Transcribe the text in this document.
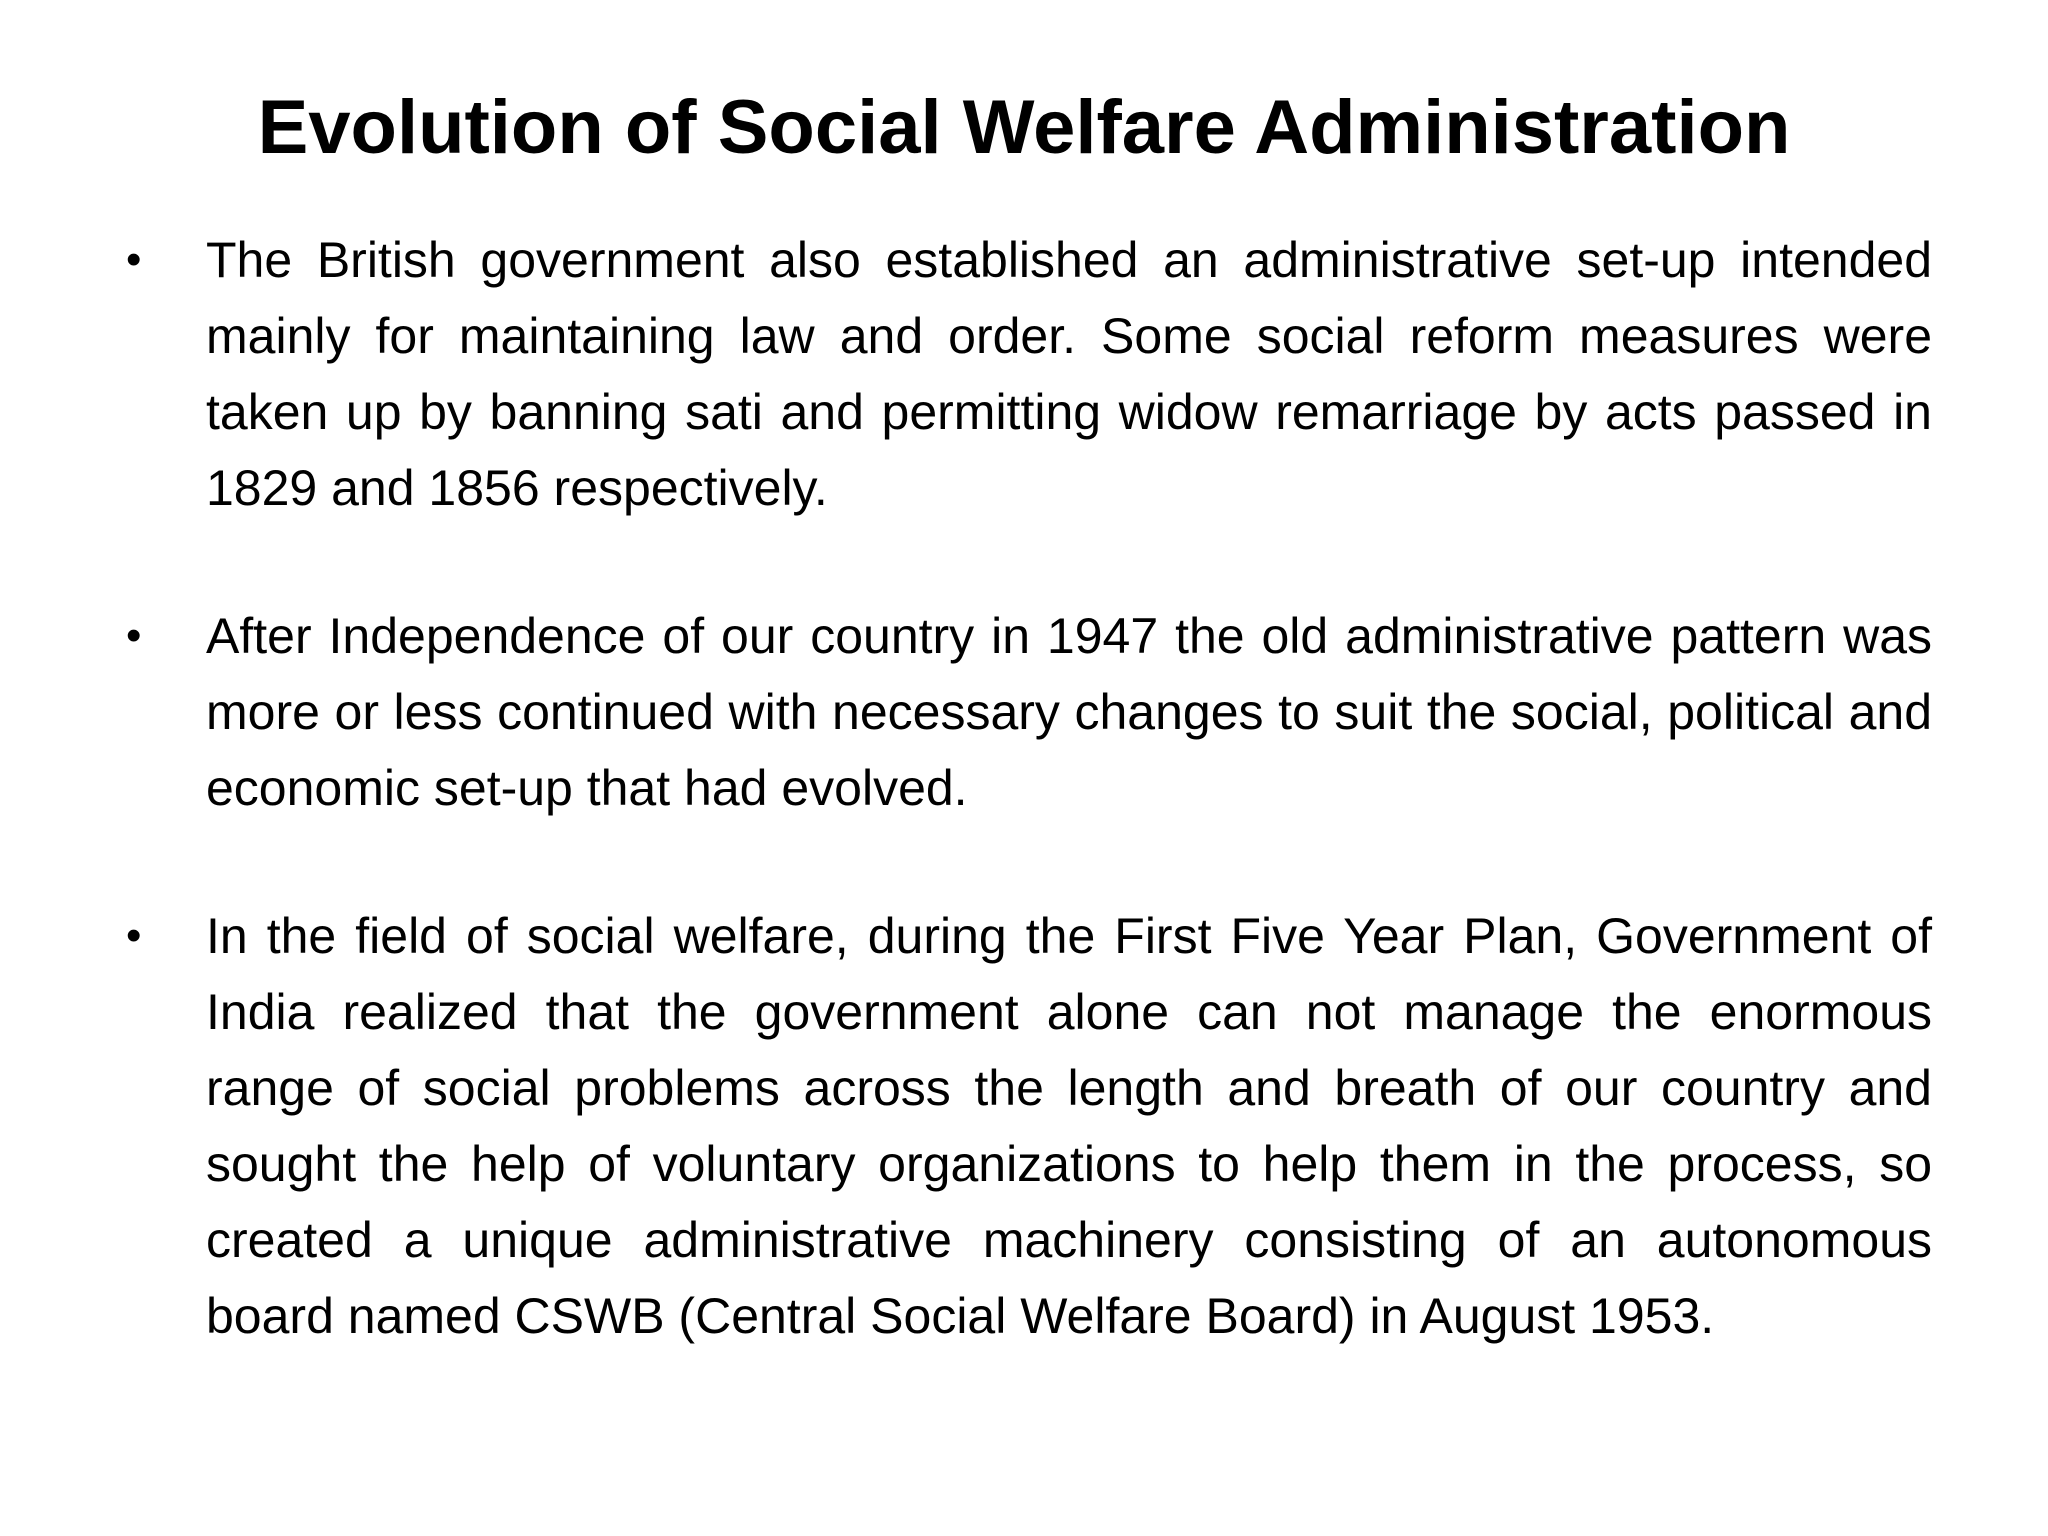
Evolution of Social Welfare Administration
•	The British government also established an administrative set-up intended mainly for maintaining law and order. Some social reform measures were taken up by banning sati and permitting widow remarriage by acts passed in 1829 and 1856 respectively.

•	After Independence of our country in 1947 the old administrative pattern was more or less continued with necessary changes to suit the social, political and economic set-up that had evolved.

•	In the field of social welfare, during the First Five Year Plan, Government of India realized that the government alone can not manage the enormous range of social problems across the length and breath of our country and sought the help of voluntary organizations to help them in the process, so created a unique administrative machinery consisting of an autonomous board named CSWB (Central Social Welfare Board) in August 1953.
